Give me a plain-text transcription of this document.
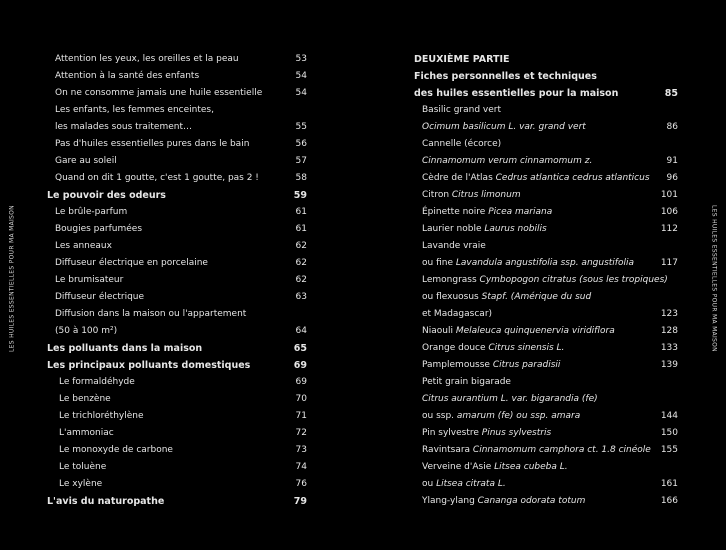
LES HUILES ESSENTIELLES POUR MA MAISON	LES HUILES ESSENTIELLES POUR MA MAISON
Attention les yeux, les oreilles et la peau	53
Attention à la santé des enfants	54
On ne consomme jamais une huile essentielle	54
Les enfants, les femmes enceintes,
les malades sous traitement…	55
Pas d'huiles essentielles pures dans le bain	56
Gare au soleil	57
Quand on dit 1 goutte, c'est 1 goutte, pas 2 !	58
Le pouvoir des odeurs	59
Le brûle-parfum	61
Bougies parfumées	61
Les anneaux	62
Diffuseur électrique en porcelaine	62
Le brumisateur	62
Diffuseur électrique	63
Diffusion dans la maison ou l'appartement
(50 à 100 m²)	64
Les polluants dans la maison	65
Les principaux polluants domestiques	69
Le formaldéhyde	69
Le benzène	70
Le trichloréthylène	71
L'ammoniac	72
Le monoxyde de carbone	73
Le toluène	74
Le xylène	76
L'avis du naturopathe	79
DEUXIÈME PARTIE
Fiches personnelles et techniques
des huiles essentielles pour la maison	85
Basilic grand vert
Ocimum basilicum L. var. grand vert	86
Cannelle (écorce)
Cinnamomum verum cinnamomum z.	91
Cèdre de l'Atlas Cedrus atlantica cedrus atlanticus 96
Citron Citrus limonum	101
Épinette noire Picea mariana	106
Laurier noble Laurus nobilis	112
Lavande vraie
ou fine Lavandula angustifolia ssp. angustifolia	117
Lemongrass Cymbopogon citratus (sous les tropiques)
ou flexuosus Stapf. (Amérique du sud
et Madagascar)	123
Niaouli Melaleuca quinquenervia viridiflora	128
Orange douce Citrus sinensis L.	133
Pamplemousse Citrus paradisii	139
Petit grain bigarade
Citrus aurantium L. var. bigarandia (fe)
ou ssp. amarum (fe) ou ssp. amara	144
Pin sylvestre Pinus sylvestris	150
Ravintsara Cinnamomum camphora ct. 1.8 cinéole 155
Verveine d'Asie Litsea cubeba L.
ou Litsea citrata L.	161
Ylang-ylang Cananga odorata totum	166
